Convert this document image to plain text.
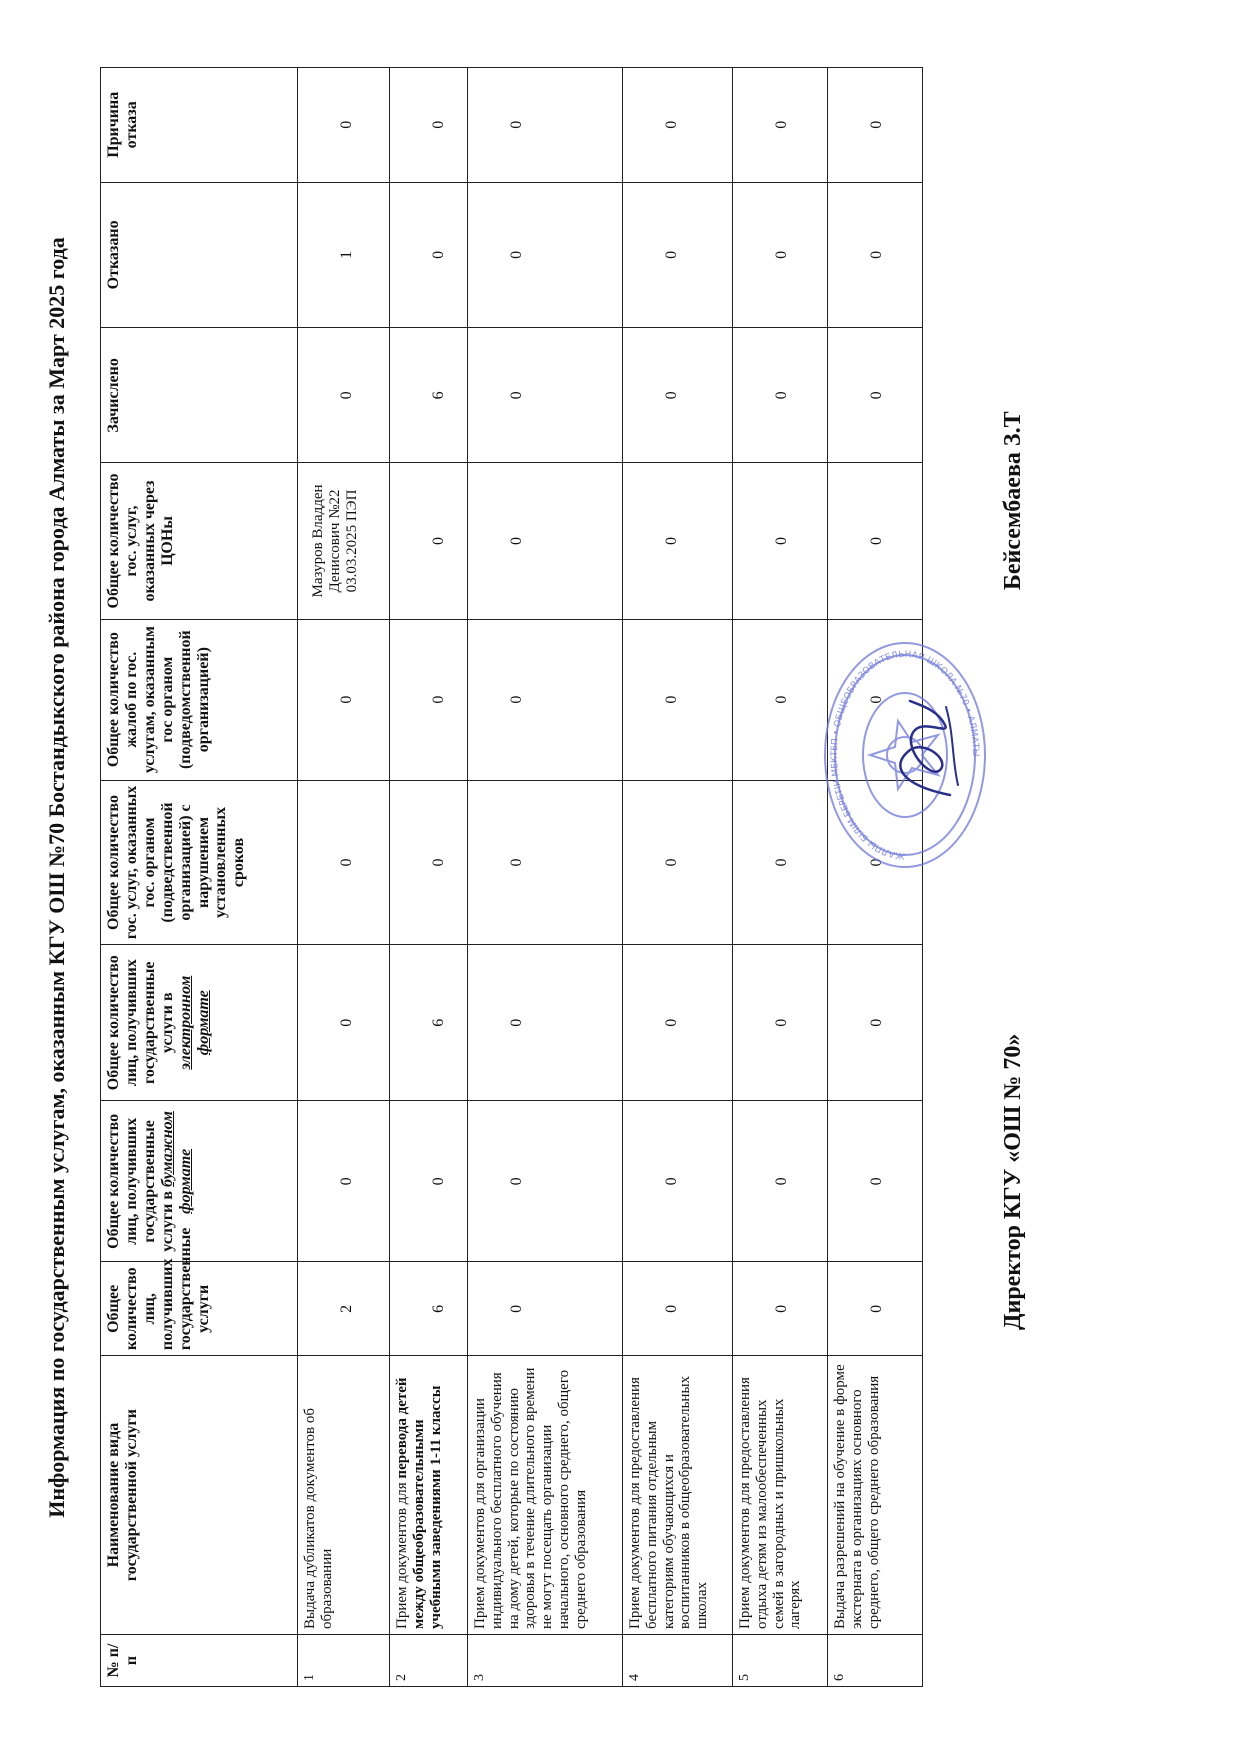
Информация по государственным услугам, оказанным КГУ ОШ №70 Бостандыкского района города Алматы за Март 2025 года
№ п/п	Наименование вида государственной услуги	Общее количество лиц, получивших государственные услуги	Общее количество лиц, получивших государственные услуги в бумажном формате	Общее количество лиц, получивших государственные услуги в электронном формате	Общее количество гос. услуг, оказанных гос. органом (подведственной организацией) с нарушением установленных сроков	Общее количество жалоб по гос. услугам, оказанным гос органом (подведомственной организацией)	Общее количество гос. услуг, оказанных через ЦОНы	Зачислено	Отказано	Причина отказа
1	Выдача дубликатов документов об образовании	2	0	0	0	0	Мазуров Владден Денисович №22 03.03.2025 ПЭП	0	1	0
2	Прием документов для перевода детей между общеобразовательными учебными заведениями 1-11 классы	6	0	6	0	0	0	6	0	0
3	Прием документов для организации индивидуального бесплатного обучения на дому детей, которые по состоянию здоровья в течение длительного времени не могут посещать организации начального, основного среднего, общего среднего образования	0	0	0	0	0	0	0	0	0
4	Прием документов для предоставления бесплатного питания отдельным категориям обучающихся и воспитанников в общеобразовательных школах	0	0	0	0	0	0	0	0	0
5	Прием документов для предоставления отдыха детям из малообеспеченных семей в загородных и пришкольных лагерях	0	0	0	0	0	0	0	0	0
6	Выдача разрешений на обучение в форме экстерната в организациях основного среднего, общего среднего образования	0	0	0	0	0	0	0	0	0
ЖАЛПЫ БІЛІМ БЕРЕТІН МЕКТЕП • ОБЩЕОБРАЗОВАТЕЛЬНАЯ ШКОЛА №70 • АЛМАТЫ
Директор КГУ «ОШ № 70»
Бейсембаева З.Т
